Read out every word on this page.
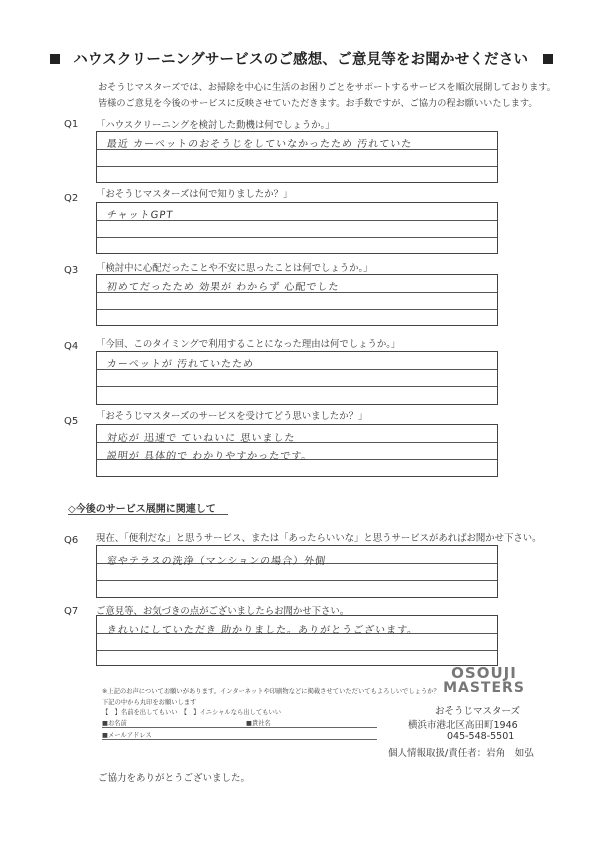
ハウスクリーニングサービスのご感想、ご意見等をお聞かせください
おそうじマスターズでは、お掃除を中心に生活のお困りごとをサポートするサービスを順次展開しております。
皆様のご意見を今後のサービスに反映させていただきます。お手数ですが、ご協力の程お願いいたします。
Q1 「ハウスクリーニングを検討した動機は何でしょうか。」
最近 カーペットのおそうじをしていなかったため 汚れていた
Q2 「おそうじマスターズは何で知りましたか？」
チャットGPT
Q3 「検討中に心配だったことや不安に思ったことは何でしょうか。」
初めてだったため 効果が わからず 心配でした
Q4 「今回、このタイミングで利用することになった理由は何でしょうか。」
カーペットが 汚れていたため
Q5 「おそうじマスターズのサービスを受けてどう思いましたか？」
対応が 迅速で ていねいに 思いました
説明が 具体的で わかりやすかったです。
◇今後のサービス展開に関連して
Q6 現在、「便利だな」と思うサービス、または「あったらいいな」と思うサービスがあればお聞かせ下さい。
窓やテラスの洗浄（マンションの場合）外側
Q7 ご意見等、お気づきの点がございましたらお聞かせ下さい。
きれいにしていただき 助かりました。ありがとうございます。
※上記のお声についてお願いがあります。インターネットや印刷物などに掲載させていただいてもよろしいでしょうか？
下記の中から丸印をお願いします
【　】名前を出してもいい　【　】イニシャルなら出してもいい
■お名前	■貴社名
■メールアドレス
ご協力をありがとうございました。
OSOUJI
MASTERS
おそうじマスターズ
横浜市港北区高田町1946
045-548-5501
個人情報取扱/責任者：岩角　如弘
